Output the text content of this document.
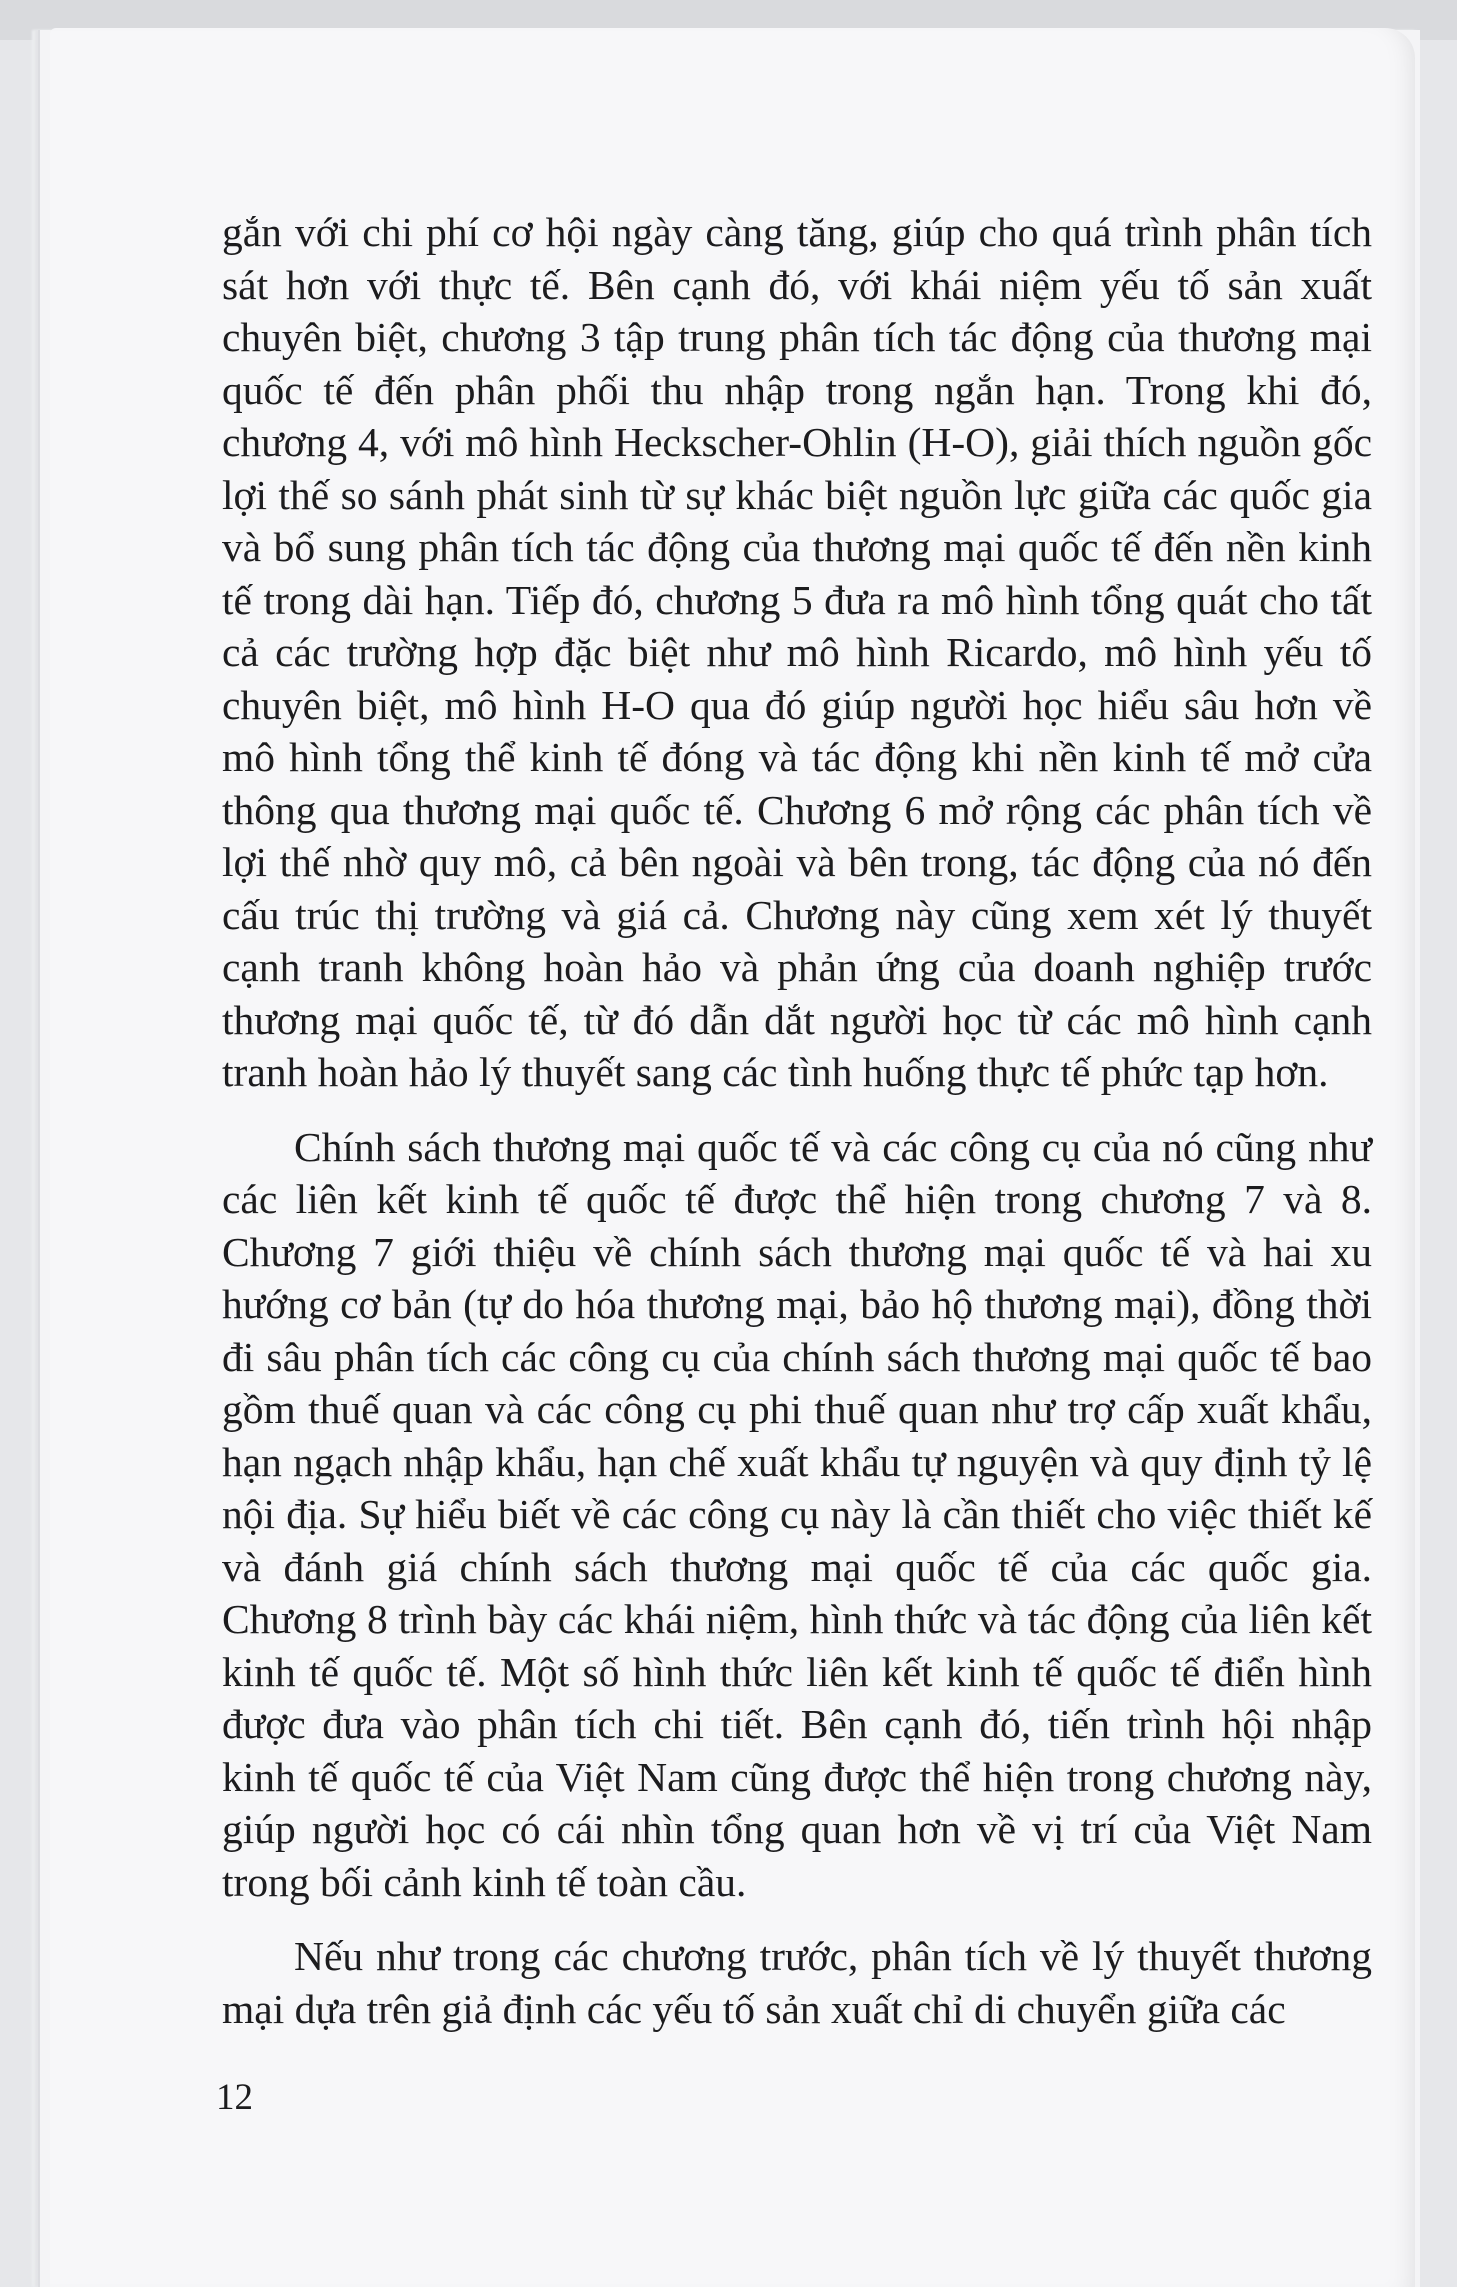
gắn với chi phí cơ hội ngày càng tăng, giúp cho quá trình phân tích sát hơn với thực tế. Bên cạnh đó, với khái niệm yếu tố sản xuất chuyên biệt, chương 3 tập trung phân tích tác động của thương mại quốc tế đến phân phối thu nhập trong ngắn hạn. Trong khi đó, chương 4, với mô hình Heckscher-Ohlin (H-O), giải thích nguồn gốc lợi thế so sánh phát sinh từ sự khác biệt nguồn lực giữa các quốc gia và bổ sung phân tích tác động của thương mại quốc tế đến nền kinh tế trong dài hạn. Tiếp đó, chương 5 đưa ra mô hình tổng quát cho tất cả các trường hợp đặc biệt như mô hình Ricardo, mô hình yếu tố chuyên biệt, mô hình H-O qua đó giúp người học hiểu sâu hơn về mô hình tổng thể kinh tế đóng và tác động khi nền kinh tế mở cửa thông qua thương mại quốc tế. Chương 6 mở rộng các phân tích về lợi thế nhờ quy mô, cả bên ngoài và bên trong, tác động của nó đến cấu trúc thị trường và giá cả. Chương này cũng xem xét lý thuyết cạnh tranh không hoàn hảo và phản ứng của doanh nghiệp trước thương mại quốc tế, từ đó dẫn dắt người học từ các mô hình cạnh tranh hoàn hảo lý thuyết sang các tình huống thực tế phức tạp hơn.

Chính sách thương mại quốc tế và các công cụ của nó cũng như các liên kết kinh tế quốc tế được thể hiện trong chương 7 và 8. Chương 7 giới thiệu về chính sách thương mại quốc tế và hai xu hướng cơ bản (tự do hóa thương mại, bảo hộ thương mại), đồng thời đi sâu phân tích các công cụ của chính sách thương mại quốc tế bao gồm thuế quan và các công cụ phi thuế quan như trợ cấp xuất khẩu, hạn ngạch nhập khẩu, hạn chế xuất khẩu tự nguyện và quy định tỷ lệ nội địa. Sự hiểu biết về các công cụ này là cần thiết cho việc thiết kế và đánh giá chính sách thương mại quốc tế của các quốc gia. Chương 8 trình bày các khái niệm, hình thức và tác động của liên kết kinh tế quốc tế. Một số hình thức liên kết kinh tế quốc tế điển hình được đưa vào phân tích chi tiết. Bên cạnh đó, tiến trình hội nhập kinh tế quốc tế của Việt Nam cũng được thể hiện trong chương này, giúp người học có cái nhìn tổng quan hơn về vị trí của Việt Nam trong bối cảnh kinh tế toàn cầu.

Nếu như trong các chương trước, phân tích về lý thuyết thương mại dựa trên giả định các yếu tố sản xuất chỉ di chuyển giữa các

12
